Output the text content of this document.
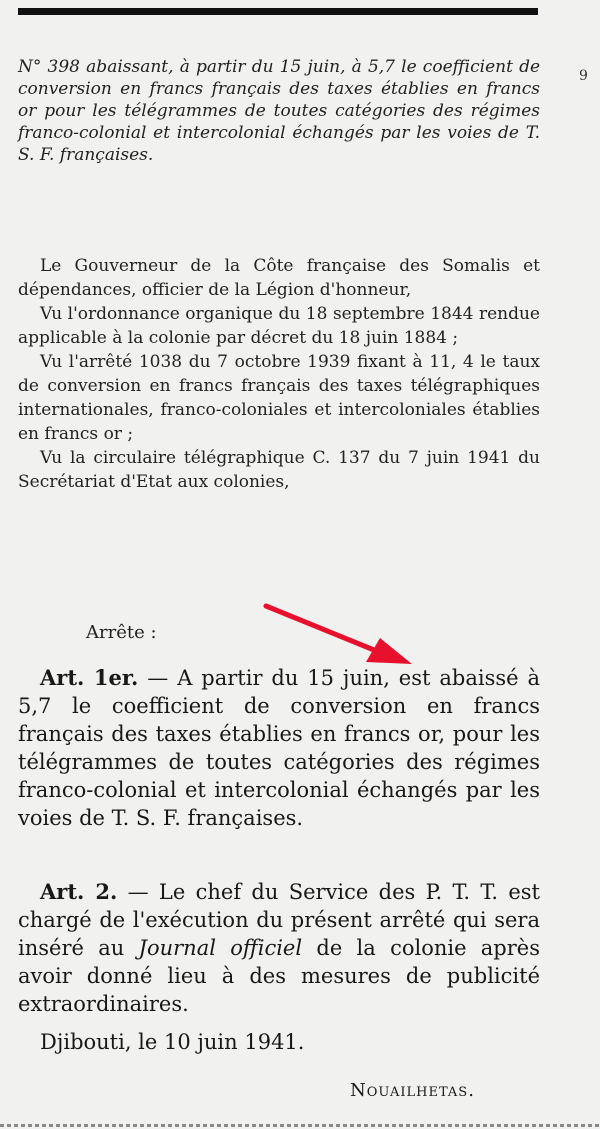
9
N° 398 abaissant, à partir du 15 juin, à 5,7 le coefficient de conversion en francs français des taxes établies en francs or pour les télégrammes de toutes catégories des régimes franco-colonial et intercolonial échangés par les voies de T. S. F. françaises.

Le Gouverneur de la Côte française des Somalis et dépendances, officier de la Légion d'honneur,

Vu l'ordonnance organique du 18 septembre 1844 rendue applicable à la colonie par décret du 18 juin 1884 ;

Vu l'arrêté 1038 du 7 octobre 1939 fixant à 11, 4 le taux de conversion en francs français des taxes télégraphiques internationales, franco-coloniales et intercoloniales établies en francs or ;

Vu la circulaire télégraphique C. 137 du 7 juin 1941 du Secrétariat d'Etat aux colonies,

Arrête :

Art. 1er. — A partir du 15 juin, est abaissé à 5,7 le coefficient de conversion en francs français des taxes établies en francs or, pour les télégrammes de toutes catégories des régimes franco-colonial et intercolonial échangés par les voies de T. S. F. françaises.

Art. 2. — Le chef du Service des P. T. T. est chargé de l'exécution du présent arrêté qui sera inséré au Journal officiel de la colonie après avoir donné lieu à des mesures de publicité extraordinaires.

Djibouti, le 10 juin 1941.
Nouailhetas.
